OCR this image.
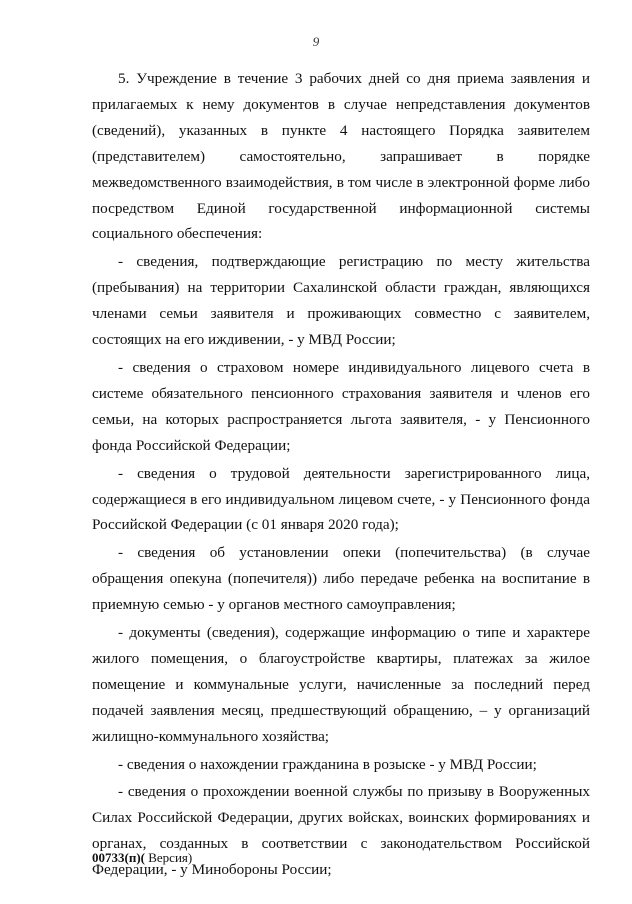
9

5. Учреждение в течение 3 рабочих дней со дня приема заявления и прилагаемых к нему документов в случае непредставления документов (сведений), указанных в пункте 4 настоящего Порядка заявителем (представителем) самостоятельно, запрашивает в порядке межведомственного взаимодействия, в том числе в электронной форме либо посредством Единой государственной информационной системы социального обеспечения:

- сведения, подтверждающие регистрацию по месту жительства (пребывания) на территории Сахалинской области граждан, являющихся членами семьи заявителя и проживающих совместно с заявителем, состоящих на его иждивении, - у МВД России;

- сведения о страховом номере индивидуального лицевого счета в системе обязательного пенсионного страхования заявителя и членов его семьи, на которых распространяется льгота заявителя, - у Пенсионного фонда Российской Федерации;

- сведения о трудовой деятельности зарегистрированного лица, содержащиеся в его индивидуальном лицевом счете, - у Пенсионного фонда Российской Федерации (с 01 января 2020 года);

- сведения об установлении опеки (попечительства) (в случае обращения опекуна (попечителя)) либо передаче ребенка на воспитание в приемную семью - у органов местного самоуправления;

- документы (сведения), содержащие информацию о типе и характере жилого помещения, о благоустройстве квартиры, платежах за жилое помещение и коммунальные услуги, начисленные за последний перед подачей заявления месяц, предшествующий обращению, – у организаций жилищно-коммунального хозяйства;

- сведения о нахождении гражданина в розыске - у МВД России;

- сведения о прохождении военной службы по призыву в Вооруженных Силах Российской Федерации, других войсках, воинских формированиях и органах, созданных в соответствии с законодательством Российской Федерации, - у Минобороны России;

00733(п)( Версия)
